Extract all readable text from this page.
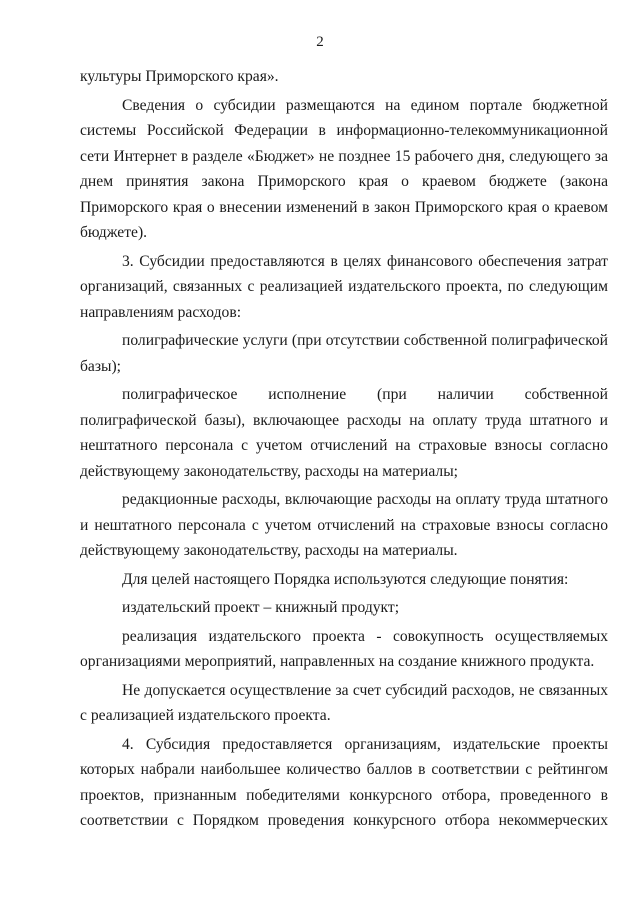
2

культуры Приморского края».

Сведения о субсидии размещаются на едином портале бюджетной системы Российской Федерации в информационно-телекоммуникационной сети Интернет в разделе «Бюджет» не позднее 15 рабочего дня, следующего за днем принятия закона Приморского края о краевом бюджете (закона Приморского края о внесении изменений в закон Приморского края о краевом бюджете).

3. Субсидии предоставляются в целях финансового обеспечения затрат организаций, связанных с реализацией издательского проекта, по следующим направлениям расходов:

полиграфические услуги (при отсутствии собственной полиграфической базы);

полиграфическое исполнение (при наличии собственной полиграфической базы), включающее расходы на оплату труда штатного и нештатного персонала с учетом отчислений на страховые взносы согласно действующему законодательству, расходы на материалы;

редакционные расходы, включающие расходы на оплату труда штатного и нештатного персонала с учетом отчислений на страховые взносы согласно действующему законодательству, расходы на материалы.

Для целей настоящего Порядка используются следующие понятия:

издательский проект – книжный продукт;

реализация издательского проекта - совокупность осуществляемых организациями мероприятий, направленных на создание книжного продукта.

Не допускается осуществление за счет субсидий расходов, не связанных с реализацией издательского проекта.

4. Субсидия предоставляется организациям, издательские проекты которых набрали наибольшее количество баллов в соответствии с рейтингом проектов, признанным победителями конкурсного отбора, проведенного в соответствии с Порядком проведения конкурсного отбора некоммерческих
